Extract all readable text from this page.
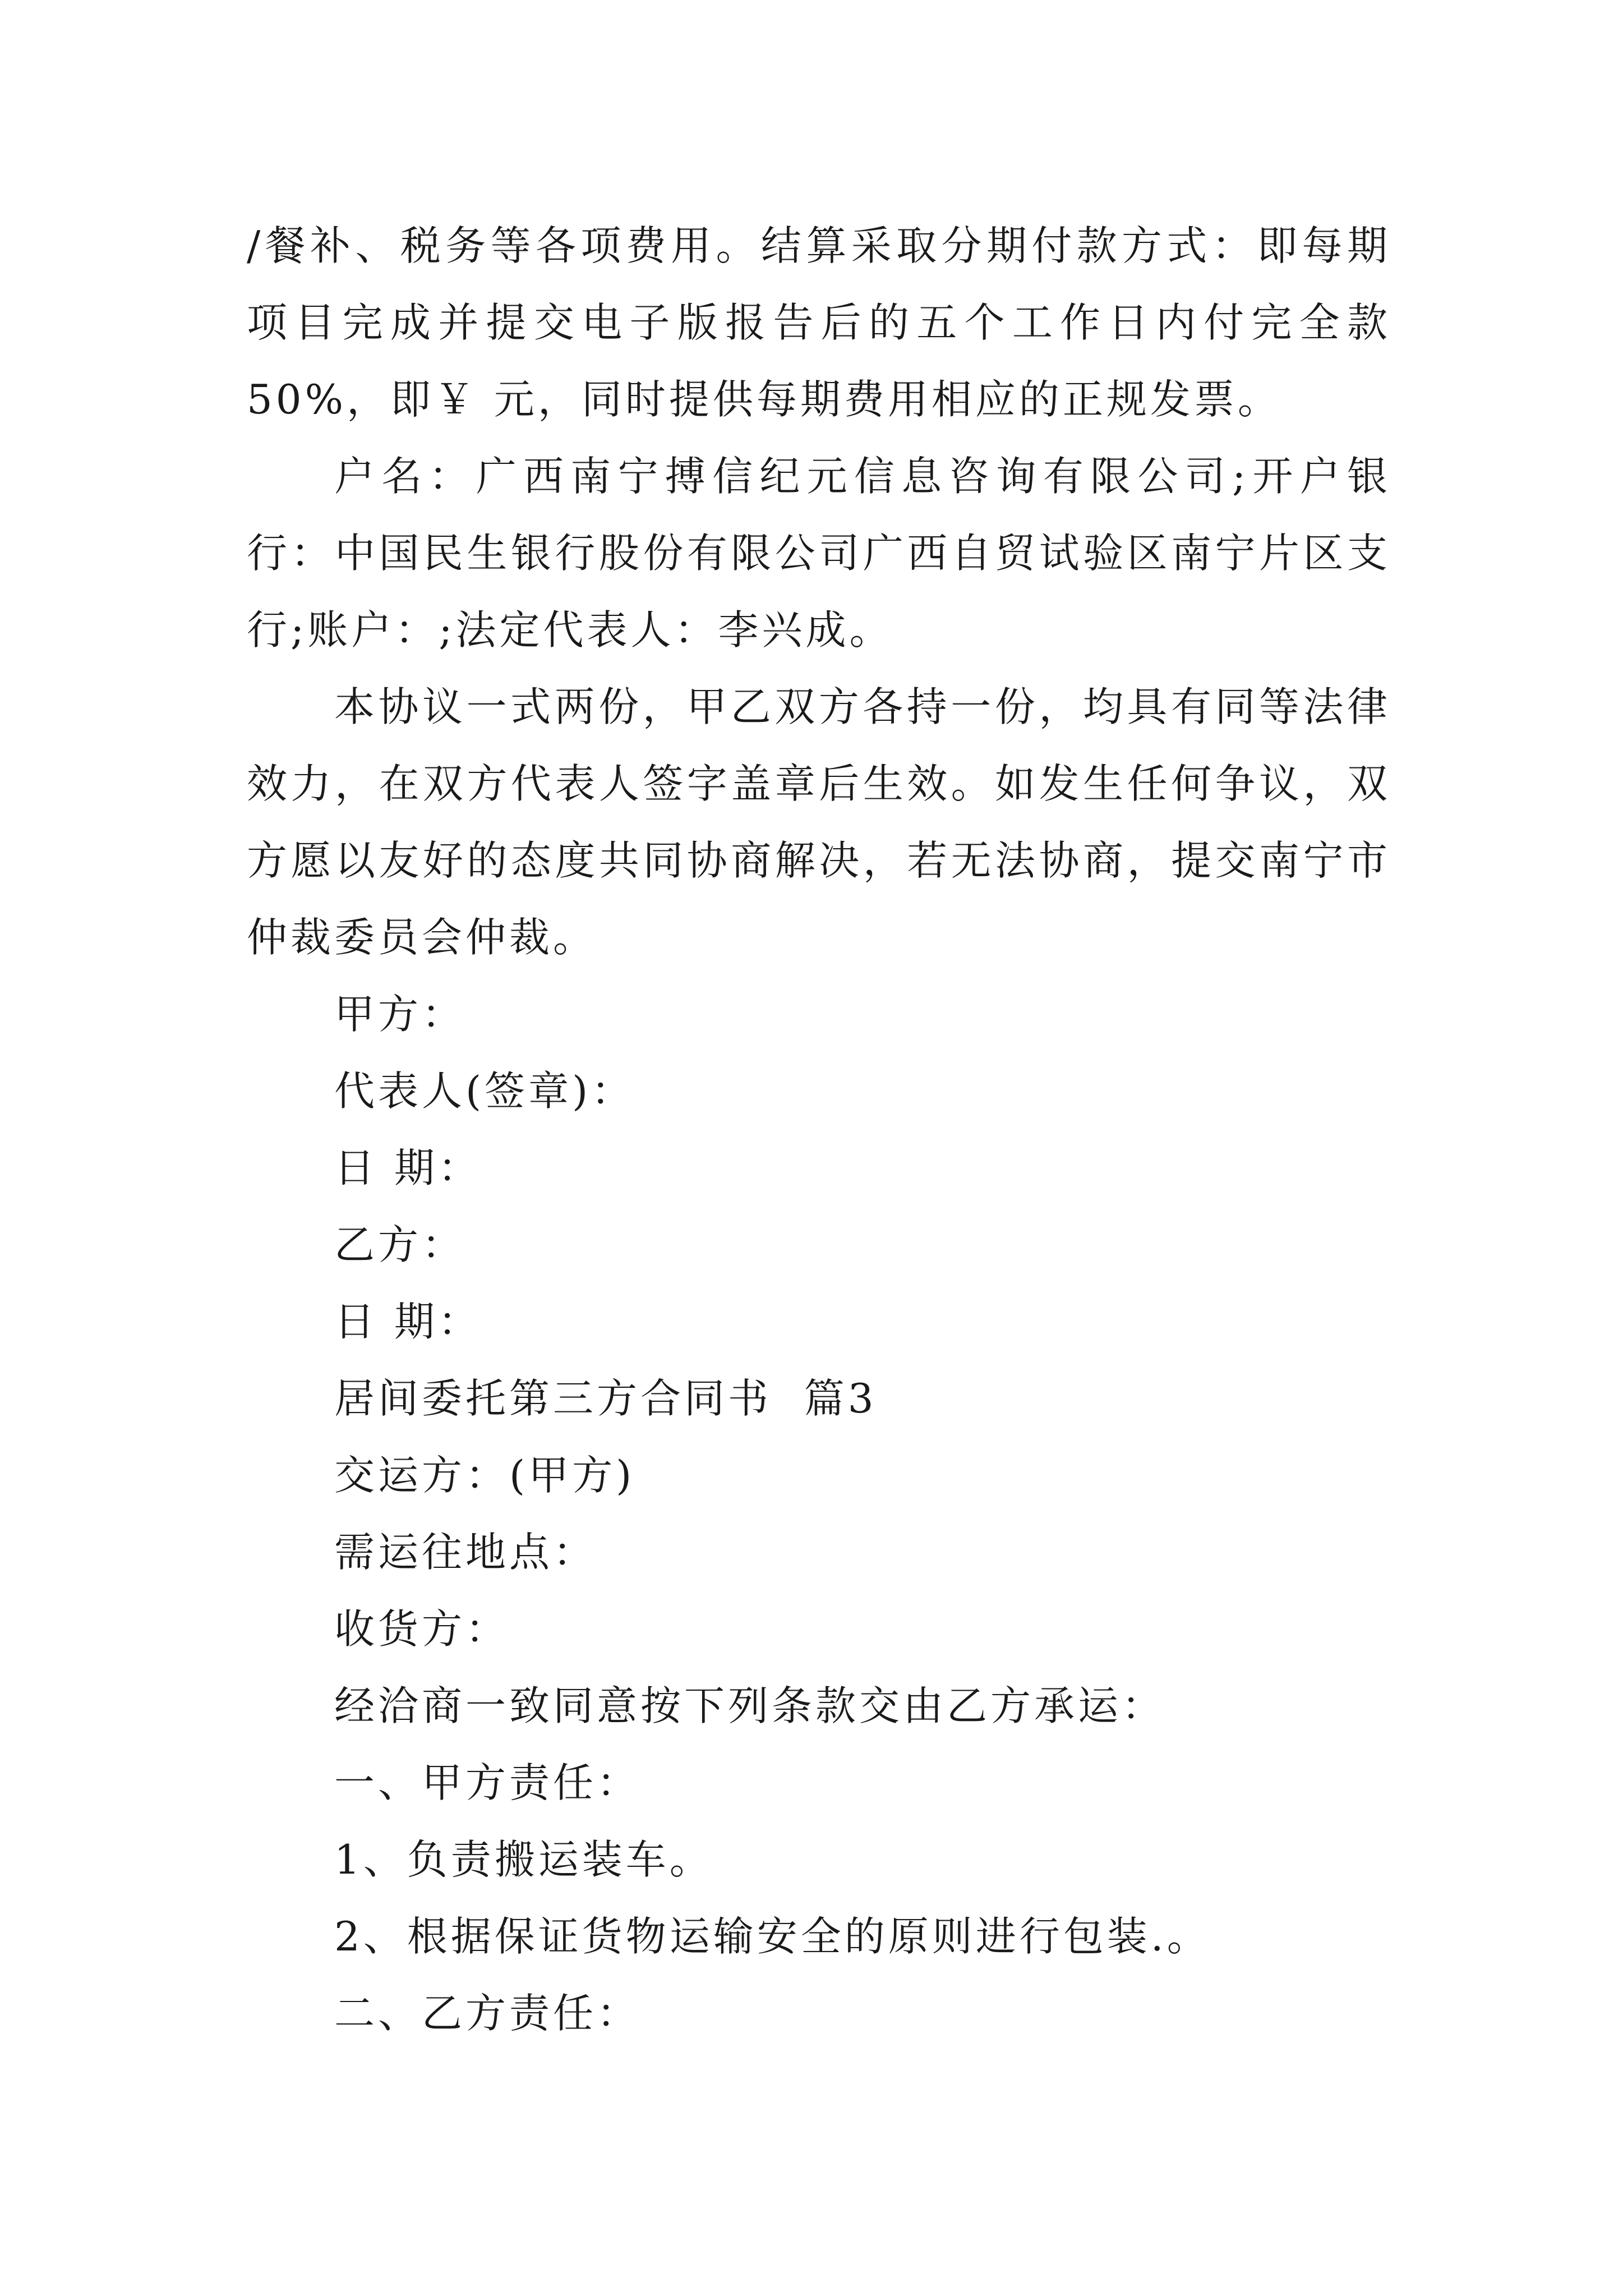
/餐补、税务等各项费用。结算采取分期付款方式：即每期项目完成并提交电子版报告后的五个工作日内付完全款50%，即￥ 元，同时提供每期费用相应的正规发票。

户名：广西南宁搏信纪元信息咨询有限公司;开户银行：中国民生银行股份有限公司广西自贸试验区南宁片区支行;账户：;法定代表人：李兴成。

本协议一式两份，甲乙双方各持一份，均具有同等法律效力，在双方代表人签字盖章后生效。如发生任何争议，双方愿以友好的态度共同协商解决，若无法协商，提交南宁市仲裁委员会仲裁。

甲方：

代表人(签章)：

日 期：

乙方：

日 期：

居间委托第三方合同书  篇3

交运方：(甲方)

需运往地点：

收货方：

经洽商一致同意按下列条款交由乙方承运：

一、甲方责任：

1、负责搬运装车。

2、根据保证货物运输安全的原则进行包装.。

二、乙方责任：
